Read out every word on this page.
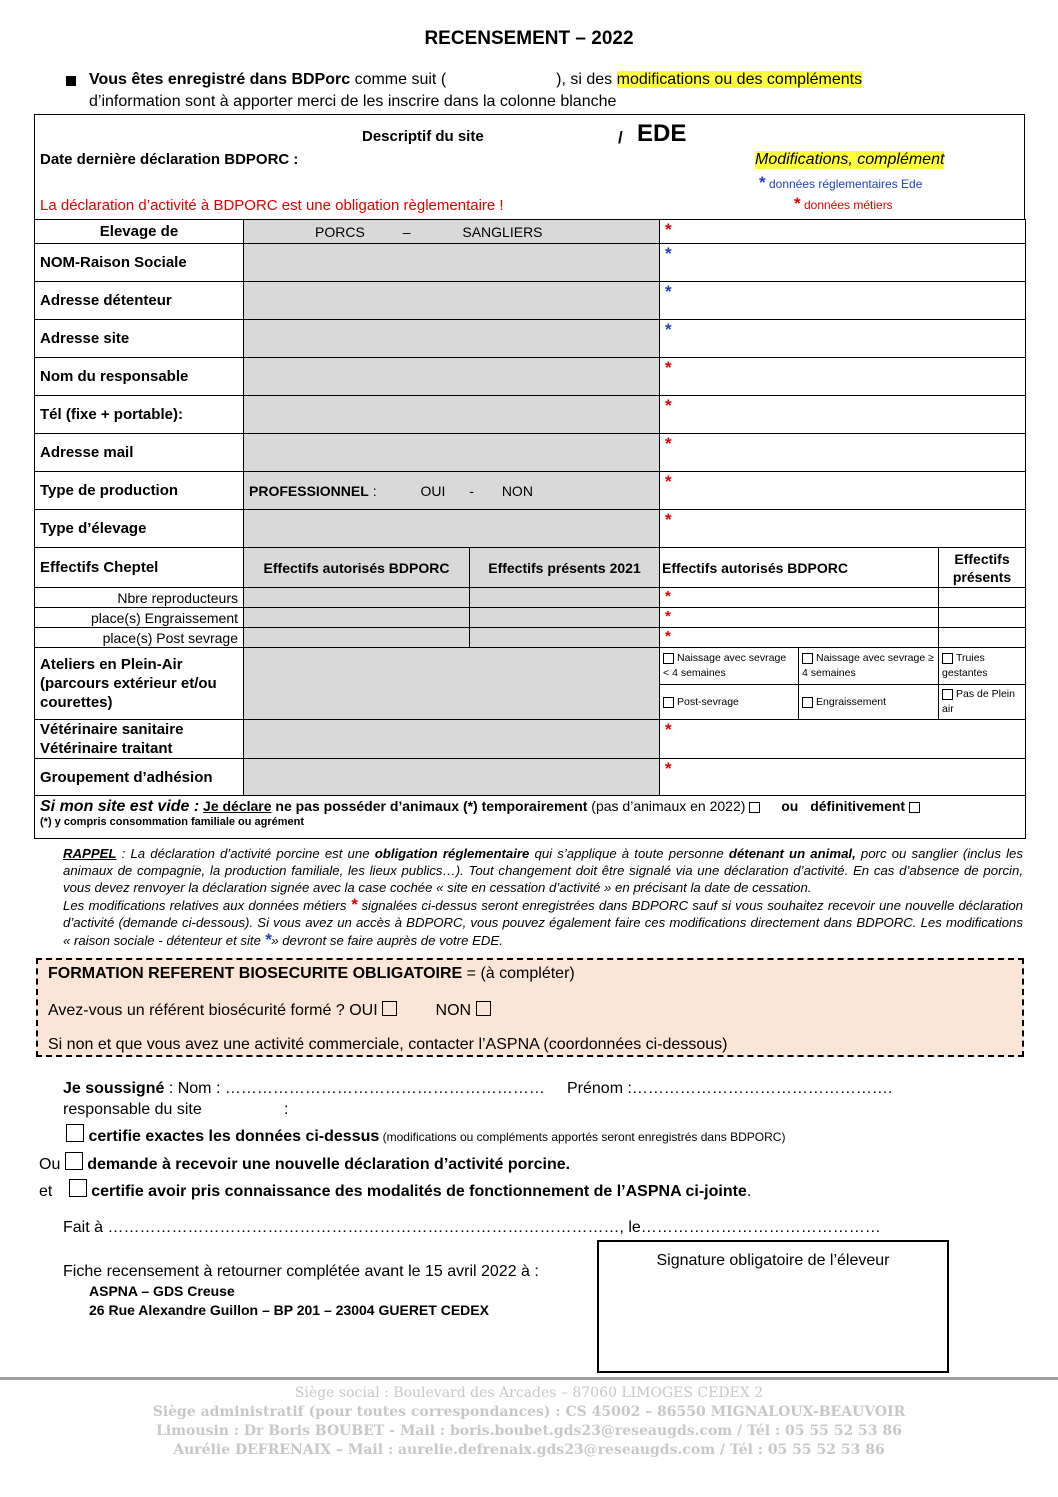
RECENSEMENT – 2022
Vous êtes enregistré dans BDPorc comme suit (	), si des modifications ou des compléments
d’information sont à apporter merci de les inscrire dans la colonne blanche
Descriptif du site	/ EDE
Date dernière déclaration BDPORC :	Modifications, complément
* données réglementaires Ede
* données métiers
La déclaration d’activité à BDPORC est une obligation règlementaire !
Elevage de	PORCS – SANGLIERS		*		
NOM-Raison Sociale			*		
Adresse détenteur			*		
Adresse site			*		
Nom du responsable			*		
Tél (fixe + portable):			*		
Adresse mail			*		
Type de production	PROFESSIONNEL : OUI - NON		*		
Type d’élevage			*		
Effectifs Cheptel	Effectifs autorisés BDPORC	Effectifs présents 2021	Effectifs autorisés BDPORC		Effectifs présents
Nbre reproducteurs			*		
place(s) Engraissement			*		
place(s) Post sevrage			*		
Ateliers en Plein-Air (parcours extérieur et/ou courettes)			Naissage avec sevrage < 4 semaines	Naissage avec sevrage ≥ 4 semaines	Truies gestantes
			Post-sevrage	Engraissement	Pas de Plein air

Vétérinaire sanitaire
Vétérinaire traitant			*		
Groupement d’adhésion			*		

Si mon site est vide : Je déclare ne pas posséder d’animaux (*) temporairement (pas d’animaux en 2022)  ou définitivement
(*) y compris consommation familiale ou agrément					
RAPPEL : La déclaration d’activité porcine est une obligation réglementaire qui s’applique à toute personne détenant un animal, porc ou sanglier (inclus les animaux de compagnie, la production familiale, les lieux publics…). Tout changement doit être signalé via une déclaration d’activité. En cas d’absence de porcin, vous devez renvoyer la déclaration signée avec la case cochée « site en cessation d’activité » en précisant la date de cessation.
Les modifications relatives aux données métiers * signalées ci-dessus seront enregistrées dans BDPORC sauf si vous souhaitez recevoir une nouvelle déclaration d’activité (demande ci-dessous). Si vous avez un accès à BDPORC, vous pouvez également faire ces modifications directement dans BDPORC. Les modifications « raison sociale - détenteur et site *» devront se faire auprès de votre EDE.
FORMATION REFERENT BIOSECURITE OBLIGATOIRE = (à compléter)
Avez-vous un référent biosécurité formé ? OUI	NON
Si non et que vous avez une activité commerciale, contacter l’ASPNA (coordonnées ci-dessous)
Je soussigné : Nom : …………………………………………………… Prénom :………………………………………….
responsable du site	:
certifie exactes les données ci-dessus (modifications ou compléments apportés seront enregistrés dans BDPORC)
Ou demande à recevoir une nouvelle déclaration d’activité porcine.
et certifie avoir pris connaissance des modalités de fonctionnement de l’ASPNA ci-jointe.
Fait à ……………………………………………………………………………………, le………………………………………
Fiche recensement à retourner complétée avant le 15 avril 2022 à :
ASPNA – GDS Creuse
26 Rue Alexandre Guillon – BP 201 – 23004 GUERET CEDEX
Signature obligatoire de l’éleveur
Siège social : Boulevard des Arcades – 87060 LIMOGES CEDEX 2
Siège administratif (pour toutes correspondances) : CS 45002 – 86550 MIGNALOUX-BEAUVOIR
Limousin : Dr Boris BOUBET - Mail : boris.boubet.gds23@reseaugds.com / Tél : 05 55 52 53 86
Aurélie DEFRENAIX – Mail : aurelie.defrenaix.gds23@reseaugds.com / Tél : 05 55 52 53 86
